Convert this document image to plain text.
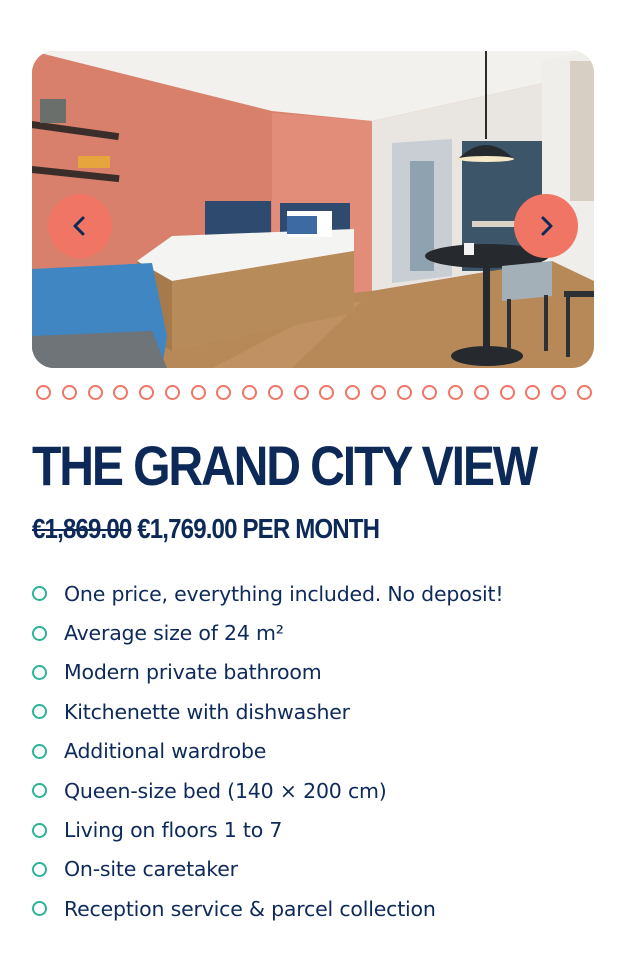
THE GRAND CITY VIEW
€1,869.00 €1,769.00 PER MONTH
One price, everything included. No deposit!
Average size of 24 m²
Modern private bathroom
Kitchenette with dishwasher
Additional wardrobe
Queen-size bed (140 × 200 cm)
Living on floors 1 to 7
On-site caretaker
Reception service & parcel collection
